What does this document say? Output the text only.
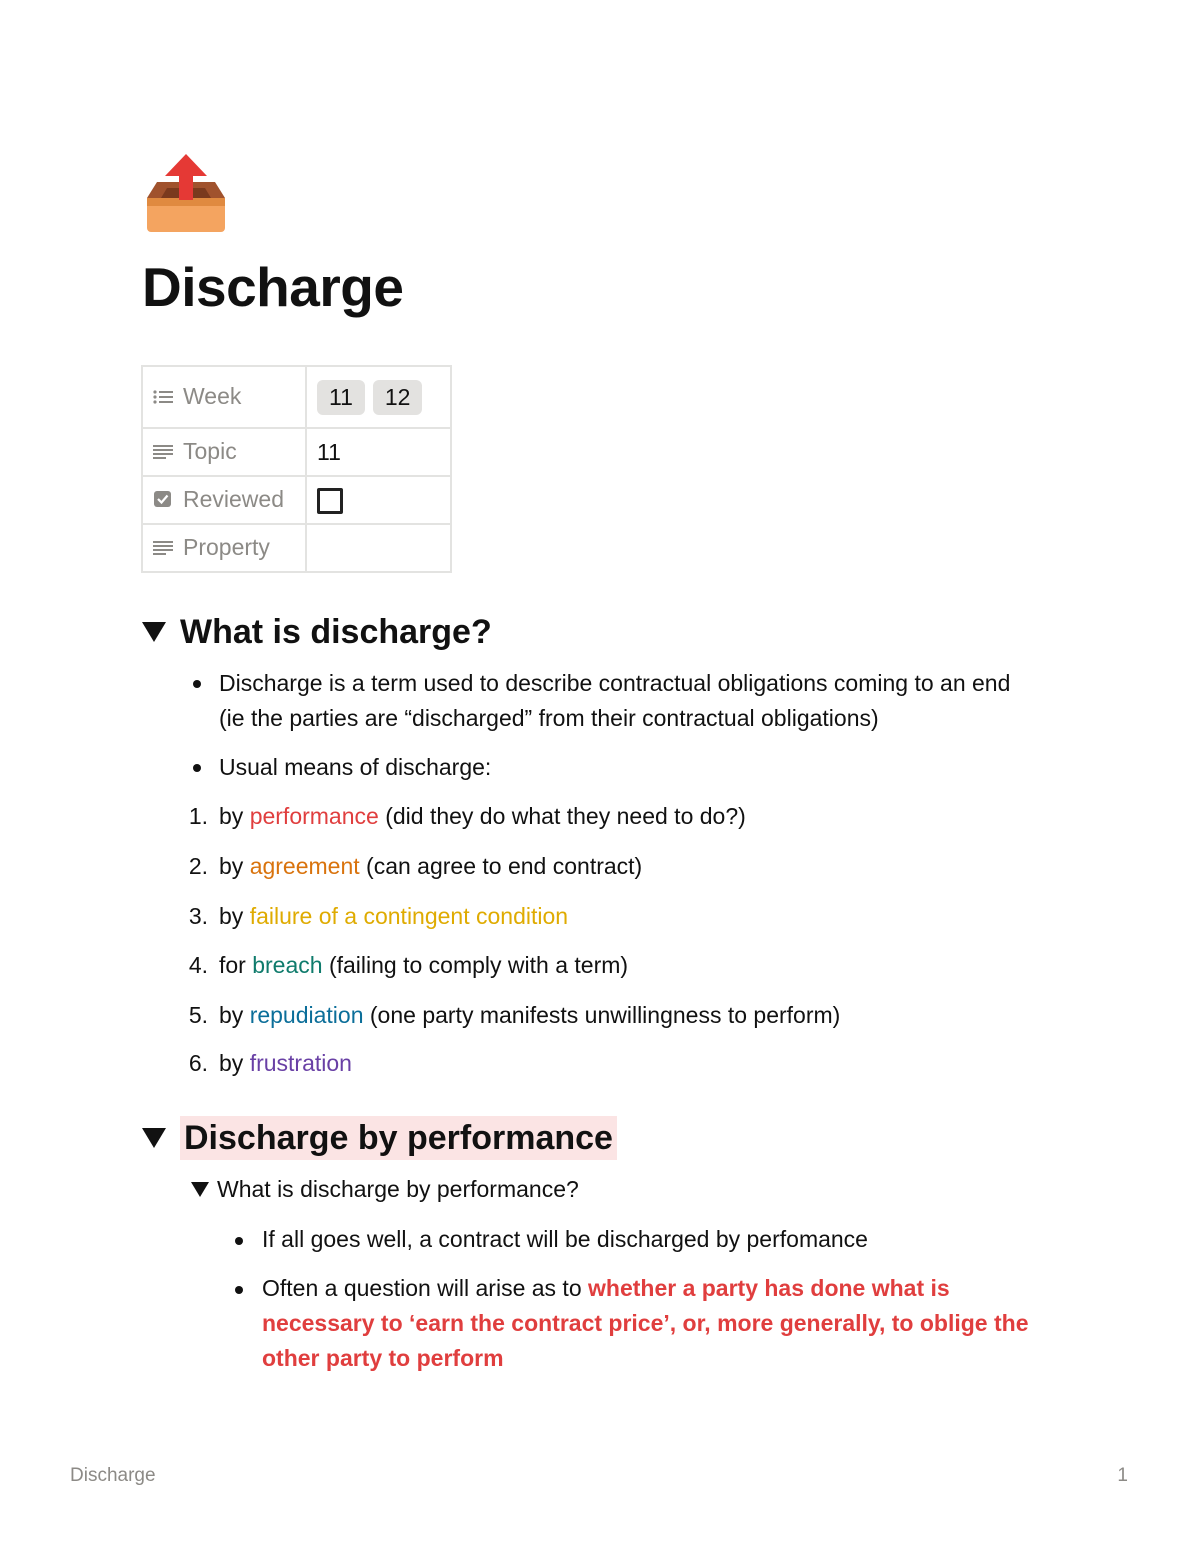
Discharge
Week	11 12
Topic	11
Reviewed	
Property	
What is discharge?
Discharge is a term used to describe contractual obligations coming to an end
(ie the parties are “discharged” from their contractual obligations)
Usual means of discharge:
1. by performance (did they do what they need to do?)
2. by agreement (can agree to end contract)
3. by failure of a contingent condition
4. for breach (failing to comply with a term)
5. by repudiation (one party manifests unwillingness to perform)
6. by frustration
Discharge by performance
What is discharge by performance?
If all goes well, a contract will be discharged by perfomance
Often a question will arise as to whether a party has done what is
necessary to ‘earn the contract price’, or, more generally, to oblige the
other party to perform
Discharge	1
